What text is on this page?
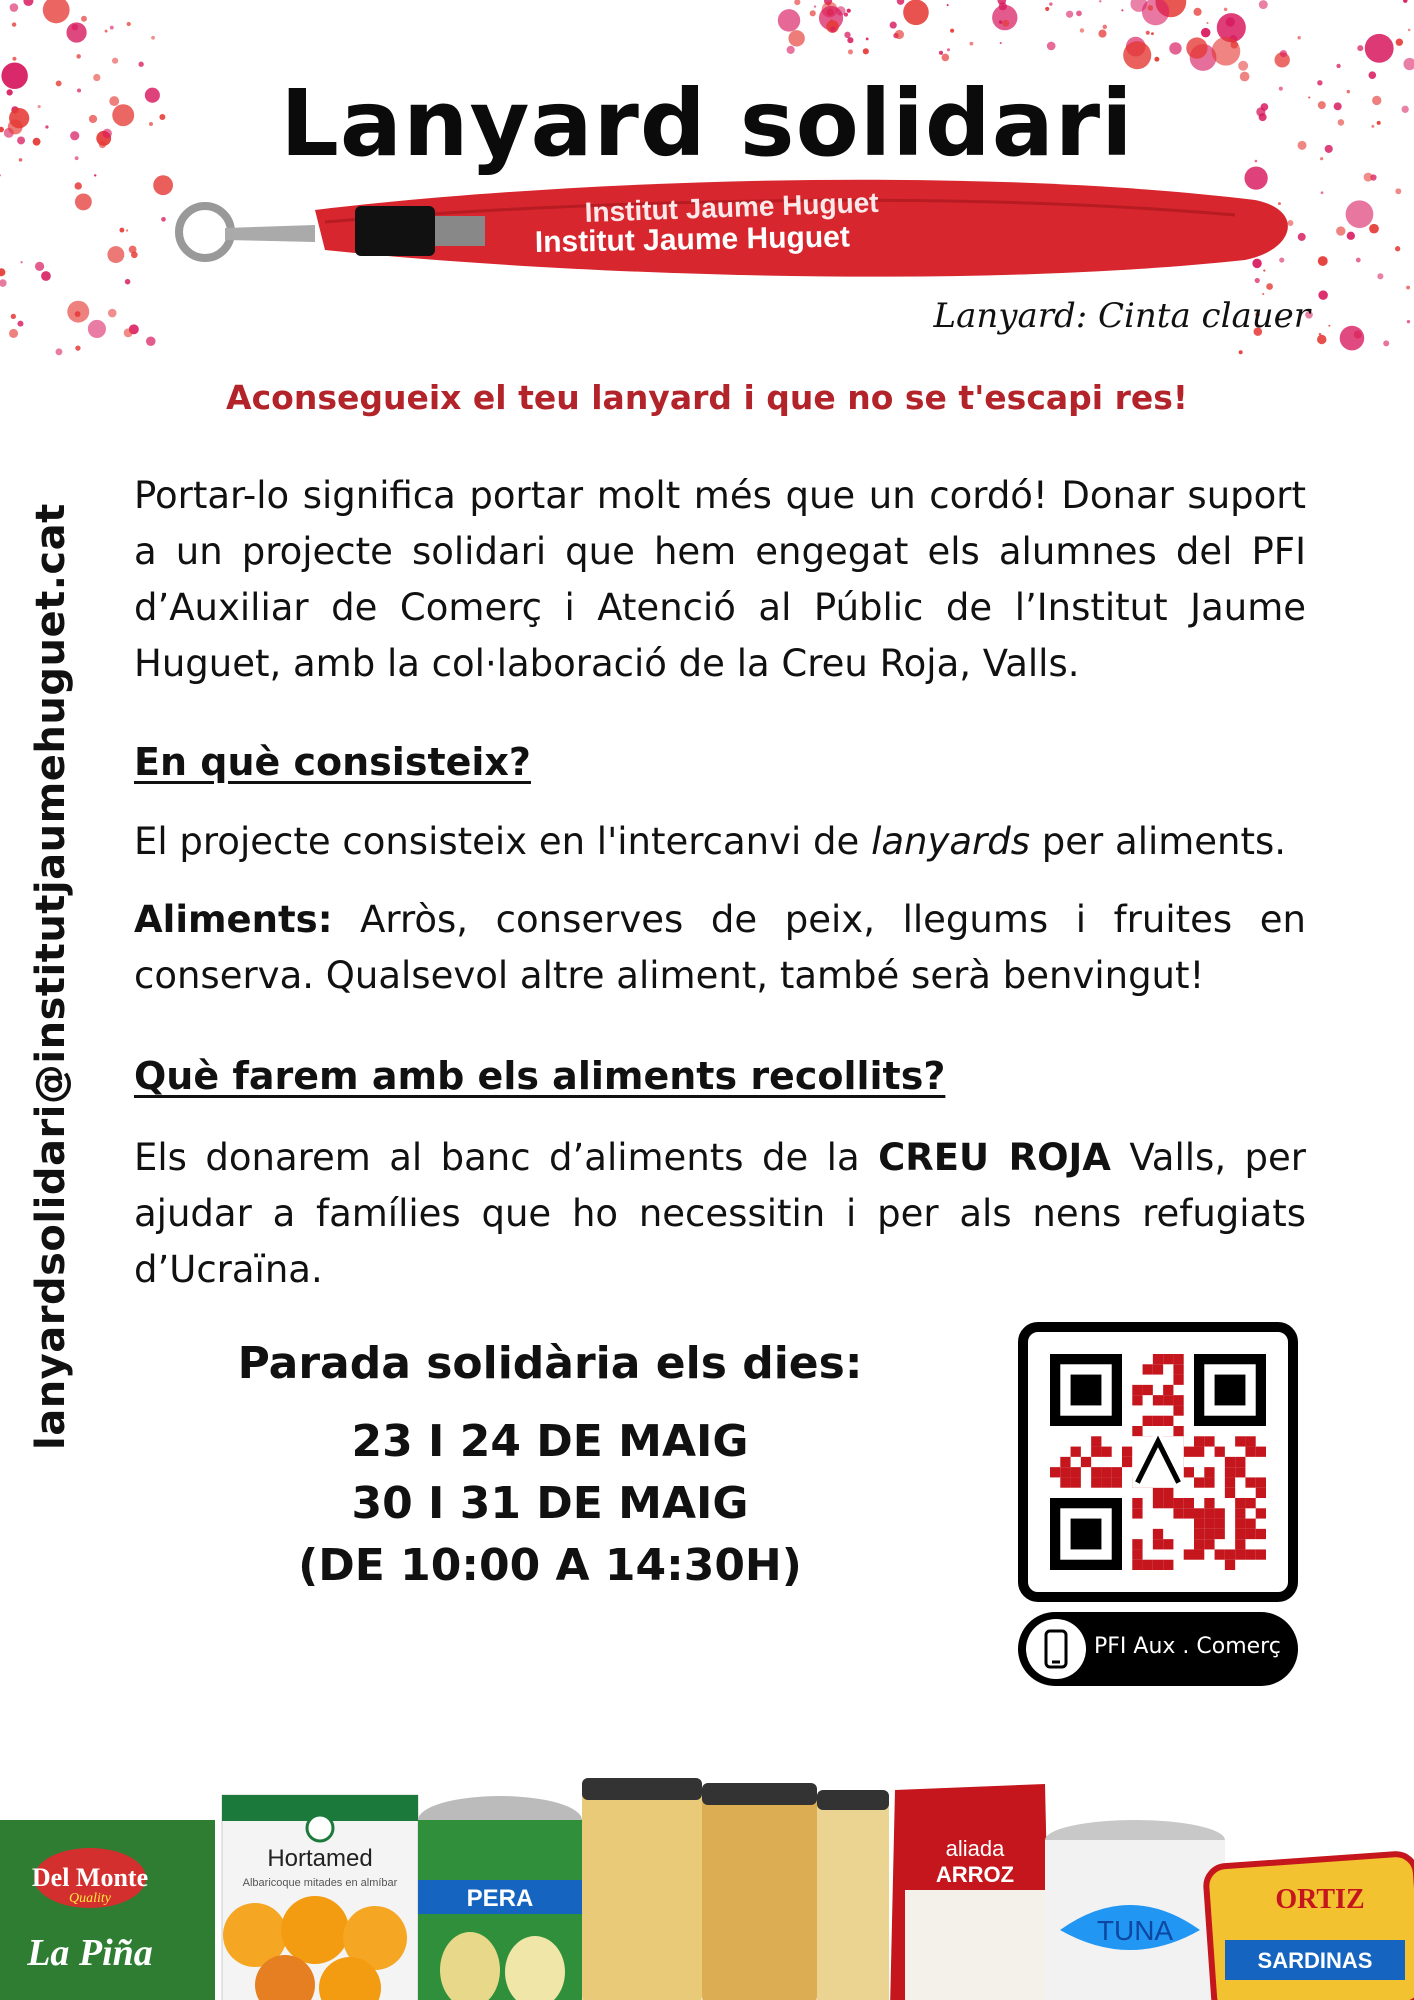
Lanyard solidari
Institut Jaume Huguet
Institut Jaume Huguet
Lanyard: Cinta clauer
Aconsegueix el teu lanyard i que no se t'escapi res!
Portar-lo significa portar molt més que un cordó! Donar suport a un projecte solidari que hem engegat els alumnes del PFI d’Auxiliar de Comerç i Atenció al Públic de l’Institut Jaume Huguet, amb la col·laboració de la Creu Roja, Valls.
En què consisteix?
El projecte consisteix en l'intercanvi de lanyards per aliments.
Aliments: Arròs, conserves de peix, llegums i fruites en conserva. Qualsevol altre aliment, també serà benvingut!
Què farem amb els aliments recollits?
Els donarem al banc d’aliments de la CREU ROJA Valls, per ajudar a famílies que ho necessitin i per als nens refugiats d’Ucraïna.
lanyardsolidari@institutjaumehuguet.cat	Parada solidària els dies:
23 I 24 DE MAIG
30 I 31 DE MAIG
(DE 10:00 A 14:30H)
PFI Aux . Comerç
Del Monte
Quality
La Piña
Hortamed
Albaricoque mitades en almíbar
PERA
aliada
ARROZ
TUNA
ORTIZ
SARDINAS
